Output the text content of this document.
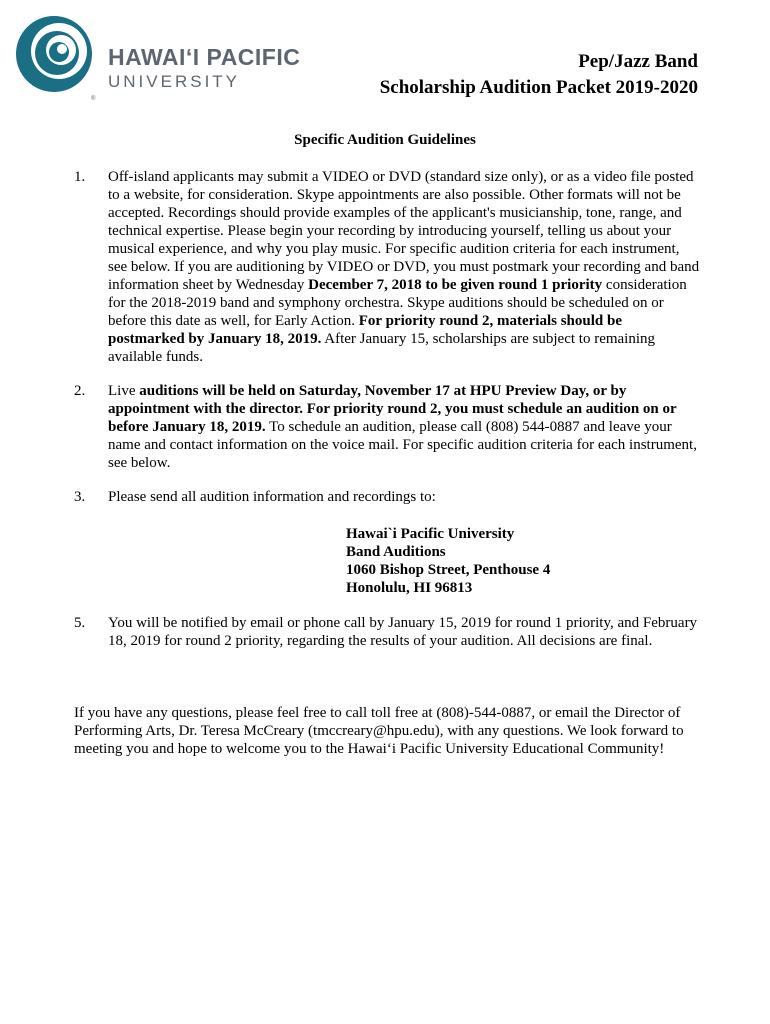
HAWAI‘I PACIFIC
UNIVERSITY
®
Pep/Jazz Band
Scholarship Audition Packet 2019-2020
Specific Audition Guidelines
1. Off-island applicants may submit a VIDEO or DVD (standard size only), or as a video file posted to a website, for consideration. Skype appointments are also possible. Other formats will not be accepted. Recordings should provide examples of the applicant's musicianship, tone, range, and technical expertise. Please begin your recording by introducing yourself, telling us about your musical experience, and why you play music. For specific audition criteria for each instrument, see below. If you are auditioning by VIDEO or DVD, you must postmark your recording and band information sheet by Wednesday December 7, 2018 to be given round 1 priority consideration for the 2018-2019 band and symphony orchestra. Skype auditions should be scheduled on or before this date as well, for Early Action. For priority round 2, materials should be postmarked by January 18, 2019. After January 15, scholarships are subject to remaining available funds.
2. Live auditions will be held on Saturday, November 17 at HPU Preview Day, or by appointment with the director. For priority round 2, you must schedule an audition on or before January 18, 2019. To schedule an audition, please call (808) 544-0887 and leave your name and contact information on the voice mail. For specific audition criteria for each instrument, see below.
3. Please send all audition information and recordings to:
Hawai`i Pacific University
Band Auditions
1060 Bishop Street, Penthouse 4
Honolulu, HI 96813
5. You will be notified by email or phone call by January 15, 2019 for round 1 priority, and February 18, 2019 for round 2 priority, regarding the results of your audition. All decisions are final.
If you have any questions, please feel free to call toll free at (808)-544-0887, or email the Director of Performing Arts, Dr. Teresa McCreary (tmccreary@hpu.edu), with any questions. We look forward to meeting you and hope to welcome you to the Hawai‘i Pacific University Educational Community!
